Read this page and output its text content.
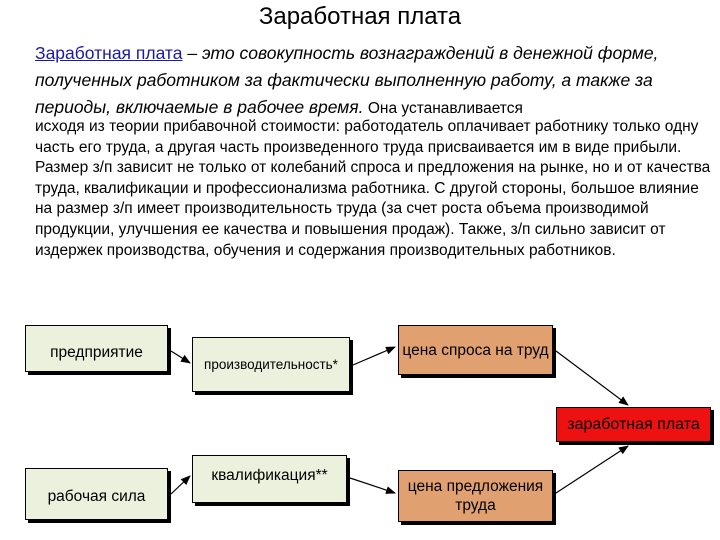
Заработная плата
Заработная плата – это совокупность вознаграждений в денежной форме, полученных работником за фактически выполненную работу, а также за периоды, включаемые в рабочее время. Она устанавливается
исходя из теории прибавочной стоимости: работодатель оплачивает работнику только одну часть его труда, а другая часть произведенного труда присваивается им в виде прибыли. Размер з/п зависит не только от колебаний спроса и предложения на рынке, но и от качества труда, квалификации и профессионализма работника. С другой стороны, большое влияние на размер з/п имеет производительность труда (за счет роста объема производимой продукции, улучшения ее качества и повышения продаж). Также, з/п сильно зависит от издержек производства, обучения и содержания производительных работников.
предприятие
производительность*
цена спроса на труд
заработная плата
рабочая сила
квалификация**
цена предложения труда
